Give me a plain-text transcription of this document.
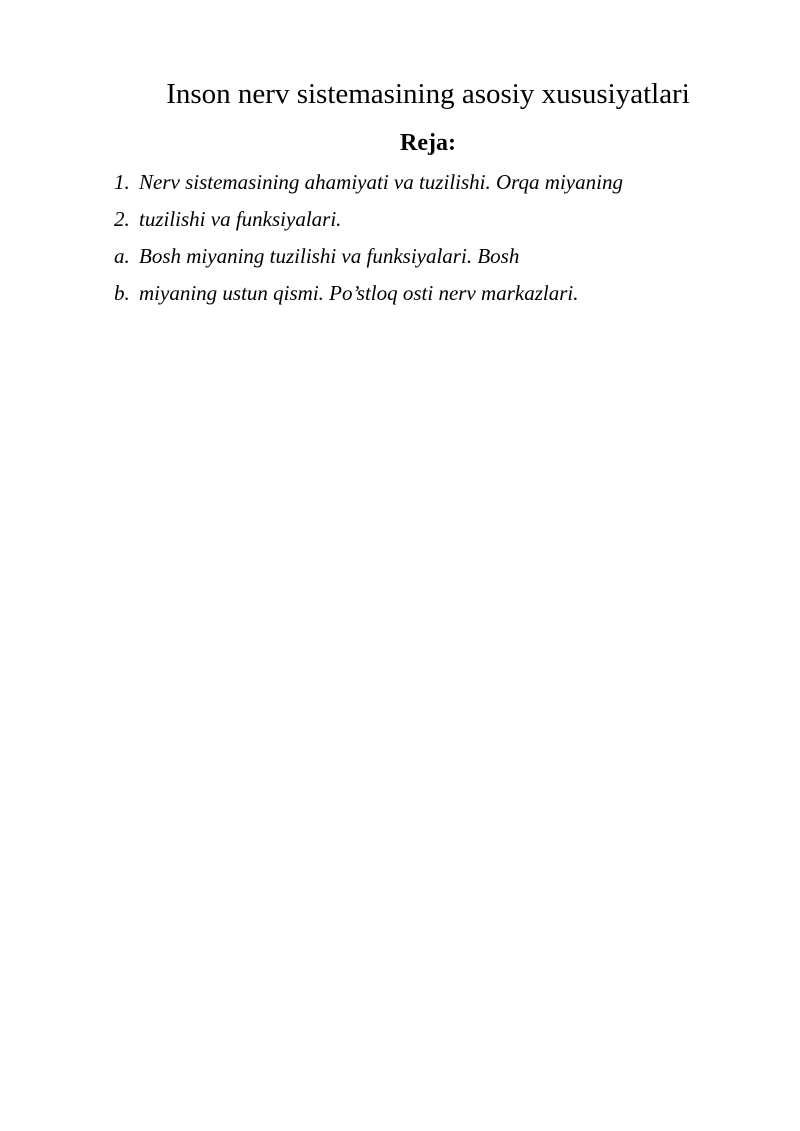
Inson nerv sistemasining asosiy xususiyatlari
Reja:
1. Nerv sistemasining ahamiyati va tuzilishi. Orqa miyaning
2. tuzilishi va funksiyalari.
a. Bosh miyaning tuzilishi va funksiyalari. Bosh
b. miyaning ustun qismi. Po’stloq osti nerv markazlari.
